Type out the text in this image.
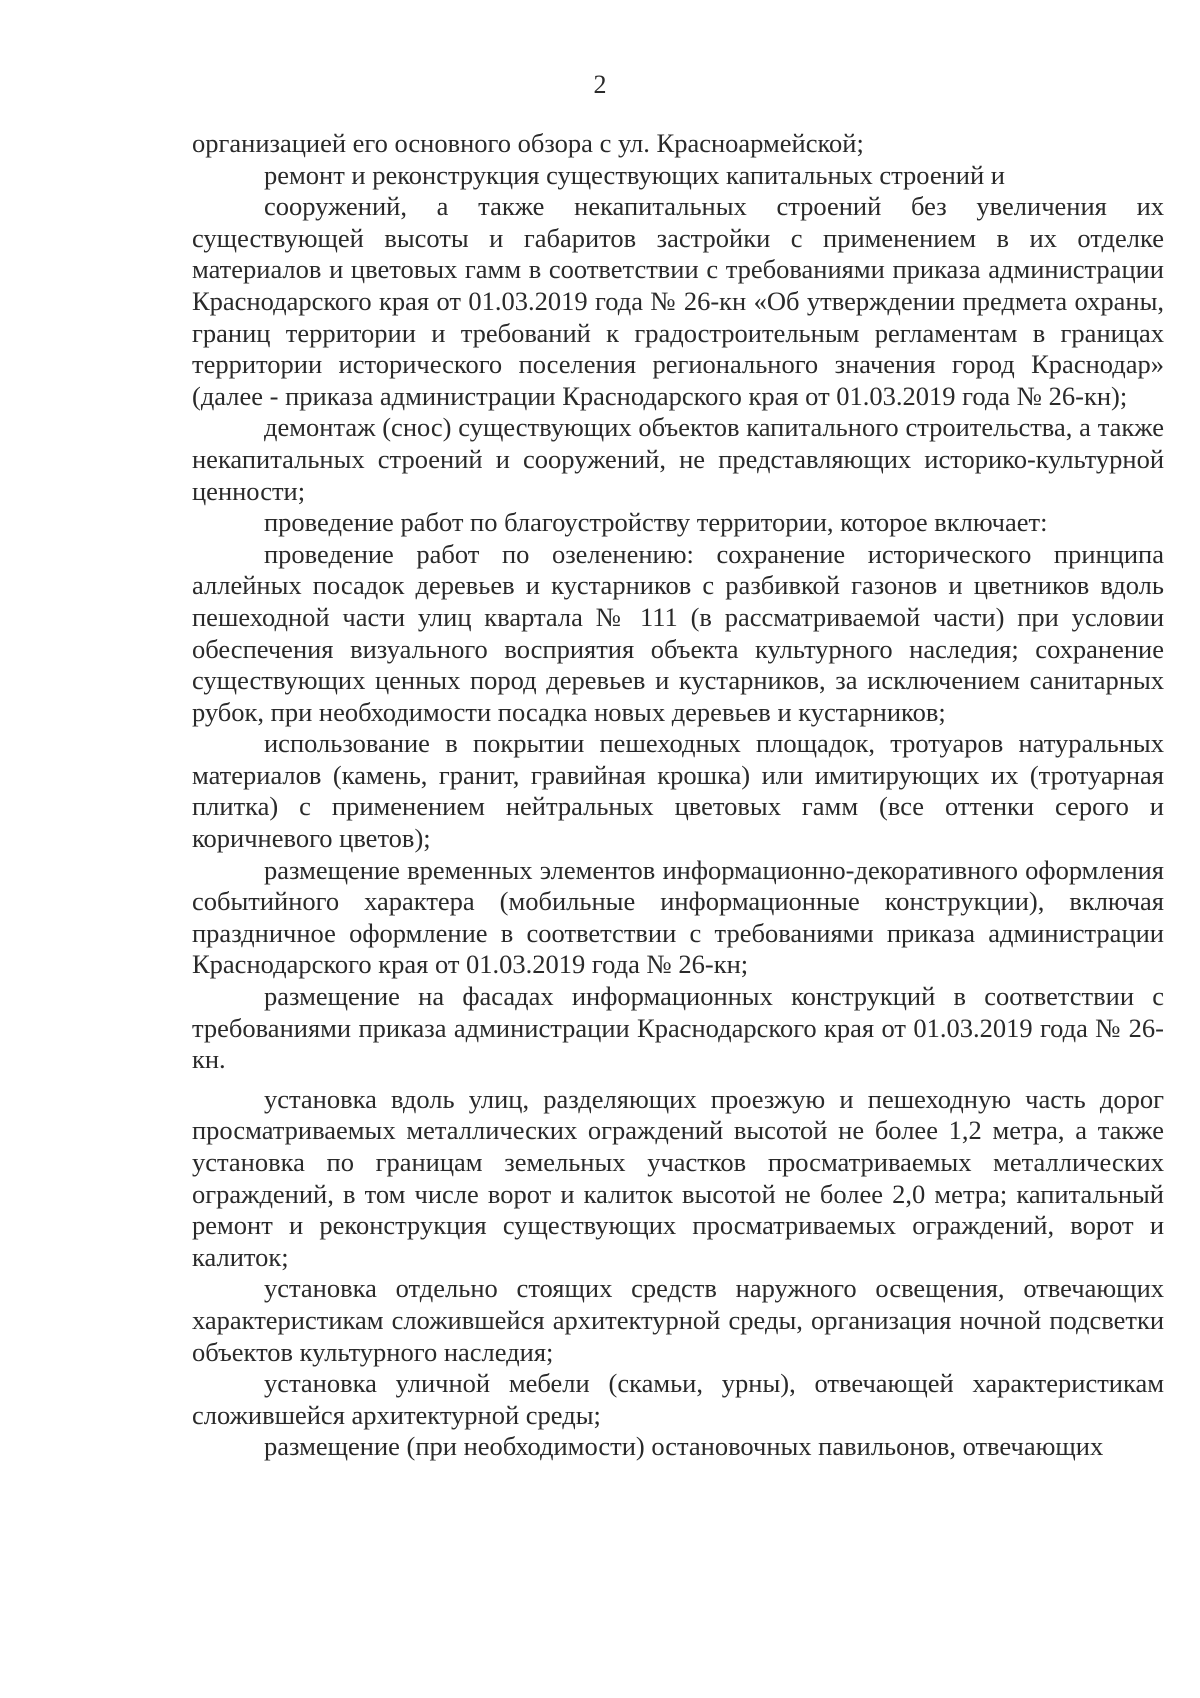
2

организацией его основного обзора с ул. Красноармейской;

ремонт и реконструкция существующих капитальных строений и

сооружений, а также некапитальных строений без увеличения их существующей высоты и габаритов застройки с применением в их отделке материалов и цветовых гамм в соответствии с требованиями приказа администрации Краснодарского края от 01.03.2019 года № 26-кн «Об утверждении предмета охраны, границ территории и требований к градостроительным регламентам в границах территории исторического поселения регионального значения город Краснодар» (далее - приказа администрации Краснодарского края от 01.03.2019 года № 26-кн);

демонтаж (снос) существующих объектов капитального строительства, а также некапитальных строений и сооружений, не представляющих историко-культурной ценности;

проведение работ по благоустройству территории, которое включает:

проведение работ по озеленению: сохранение исторического принципа аллейных посадок деревьев и кустарников с разбивкой газонов и цветников вдоль пешеходной части улиц квартала № 111 (в рассматриваемой части) при условии обеспечения визуального восприятия объекта культурного наследия; сохранение существующих ценных пород деревьев и кустарников, за исключением санитарных рубок, при необходимости посадка новых деревьев и кустарников;

использование в покрытии пешеходных площадок, тротуаров натуральных материалов (камень, гранит, гравийная крошка) или имитирующих их (тротуарная плитка) с применением нейтральных цветовых гамм (все оттенки серого и коричневого цветов);

размещение временных элементов информационно-декоративного оформления событийного характера (мобильные информационные конструкции), включая праздничное оформление в соответствии с требованиями приказа администрации Краснодарского края от 01.03.2019 года № 26-кн;

размещение на фасадах информационных конструкций в соответствии с требованиями приказа администрации Краснодарского края от 01.03.2019 года № 26-кн.

установка вдоль улиц, разделяющих проезжую и пешеходную часть дорог просматриваемых металлических ограждений высотой не более 1,2 метра, а также установка по границам земельных участков просматриваемых металлических ограждений, в том числе ворот и калиток высотой не более 2,0 метра; капитальный ремонт и реконструкция существующих просматриваемых ограждений, ворот и калиток;

установка отдельно стоящих средств наружного освещения, отвечающих характеристикам сложившейся архитектурной среды, организация ночной подсветки объектов культурного наследия;

установка уличной мебели (скамьи, урны), отвечающей характеристикам сложившейся архитектурной среды;

размещение (при необходимости) остановочных павильонов, отвечающих
